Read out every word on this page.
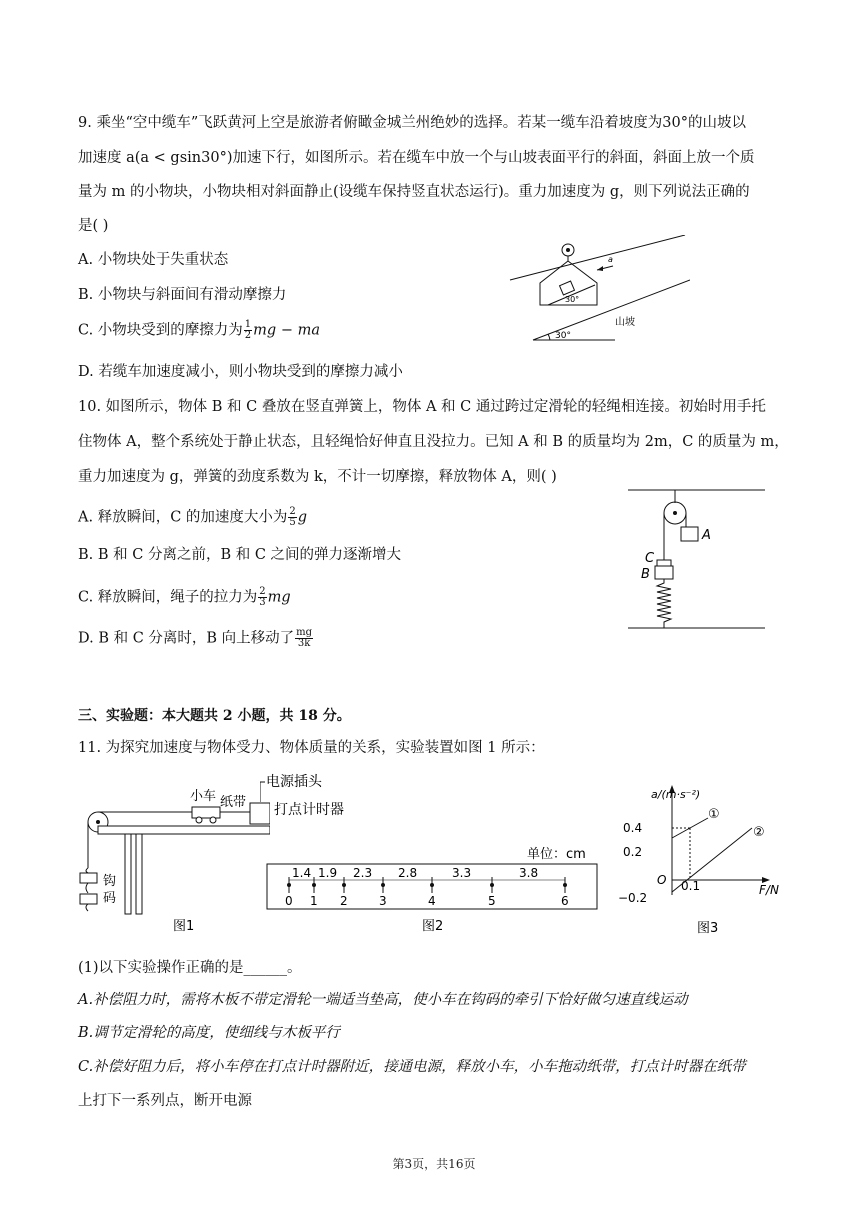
9. 乘坐“空中缆车”飞跃黄河上空是旅游者俯瞰金城兰州绝妙的选择。若某一缆车沿着坡度为30°的山坡以
加速度 a(a < gsin30°)加速下行，如图所示。若在缆车中放一个与山坡表面平行的斜面，斜面上放一个质
量为 m 的小物块，小物块相对斜面静止(设缆车保持竖直状态运行)。重力加速度为 g，则下列说法正确的
是( )
A. 小物块处于失重状态
B. 小物块与斜面间有滑动摩擦力
C. 小物块受到的摩擦力为 $\frac{1}{2}$ mg − ma
D. 若缆车加速度减小，则小物块受到的摩擦力减小
30°
a
30°
山坡
10. 如图所示，物体 B 和 C 叠放在竖直弹簧上，物体 A 和 C 通过跨过定滑轮的轻绳相连接。初始时用手托
住物体 A，整个系统处于静止状态，且轻绳恰好伸直且没拉力。已知 A 和 B 的质量均为 2m，C 的质量为 m，
重力加速度为 g，弹簧的劲度系数为 k，不计一切摩擦，释放物体 A，则( )
A. 释放瞬间，C 的加速度大小为 $\frac{2}{5}$ g
B. B 和 C 分离之前，B 和 C 之间的弹力逐渐增大
C. 释放瞬间，绳子的拉力为 $\frac{2}{3}$ mg
D. B 和 C 分离时，B 向上移动了 $\frac{mg}{3k}$
A
C
B
三、实验题：本大题共 2 小题，共 18 分。
11. 为探究加速度与物体受力、物体质量的关系，实验装置如图 1 所示：
小车 纸带
钩
码
图1
电源插头
打点计时器
单位：cm
1.4 1.9 2.3 2.8	3.3	3.8
0 1 2	3	4	5	6
图2
a/(m·s⁻²)
F/N
0.4
0.2
O
−0.2
0.1
①
②
图3
(1)以下实验操作正确的是______。
A.补偿阻力时，需将木板不带定滑轮一端适当垫高，使小车在钩码的牵引下恰好做匀速直线运动
B.调节定滑轮的高度，使细线与木板平行
C.补偿好阻力后，将小车停在打点计时器附近，接通电源，释放小车，小车拖动纸带，打点计时器在纸带
上打下一系列点，断开电源
第3页，共16页
